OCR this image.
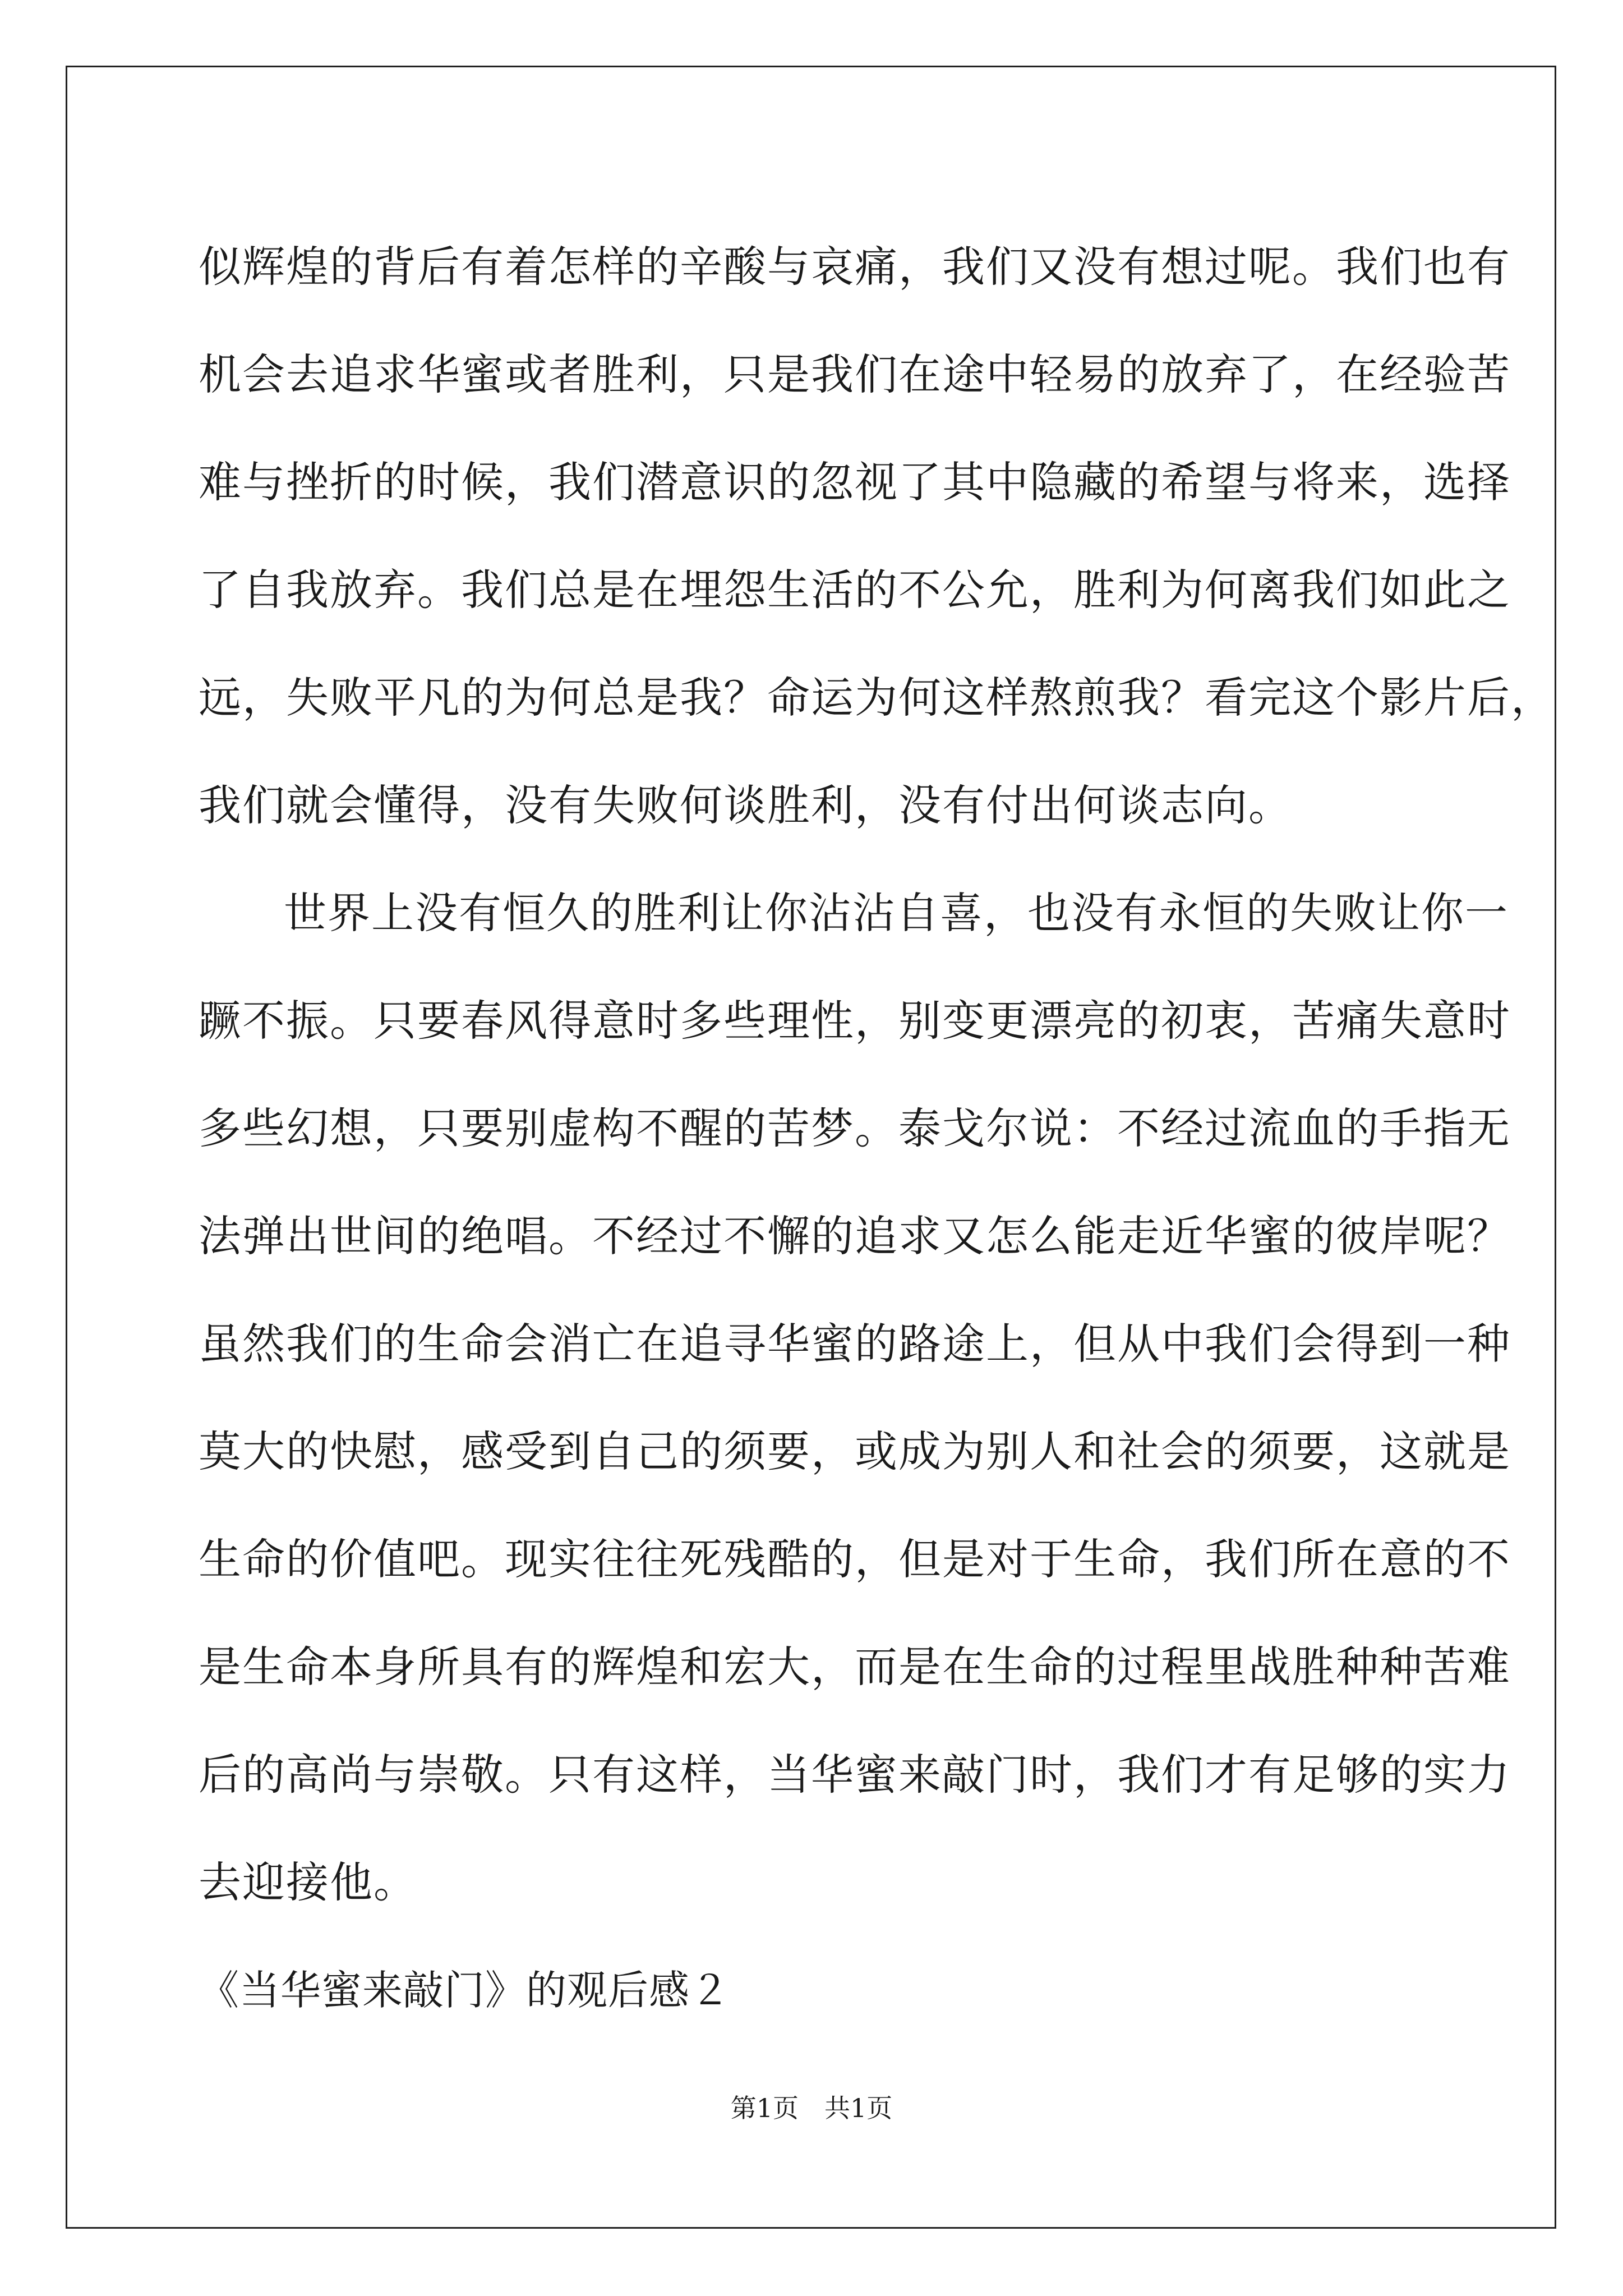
似辉煌的背后有着怎样的辛酸与哀痛，我们又没有想过呢。我们也有
机会去追求华蜜或者胜利，只是我们在途中轻易的放弃了，在经验苦
难与挫折的时候，我们潜意识的忽视了其中隐藏的希望与将来，选择
了自我放弃。我们总是在埋怨生活的不公允，胜利为何离我们如此之
远，失败平凡的为何总是我？命运为何这样熬煎我？看完这个影片后，
我们就会懂得，没有失败何谈胜利，没有付出何谈志向。
世界上没有恒久的胜利让你沾沾自喜，也没有永恒的失败让你一
蹶不振。只要春风得意时多些理性，别变更漂亮的初衷，苦痛失意时
多些幻想，只要别虚构不醒的苦梦。泰戈尔说：不经过流血的手指无
法弹出世间的绝唱。不经过不懈的追求又怎么能走近华蜜的彼岸呢？
虽然我们的生命会消亡在追寻华蜜的路途上，但从中我们会得到一种
莫大的快慰，感受到自己的须要，或成为别人和社会的须要，这就是
生命的价值吧。现实往往死残酷的，但是对于生命，我们所在意的不
是生命本身所具有的辉煌和宏大，而是在生命的过程里战胜种种苦难
后的高尚与崇敬。只有这样，当华蜜来敲门时，我们才有足够的实力
去迎接他。
《当华蜜来敲门》的观后感２
第1页　共1页
